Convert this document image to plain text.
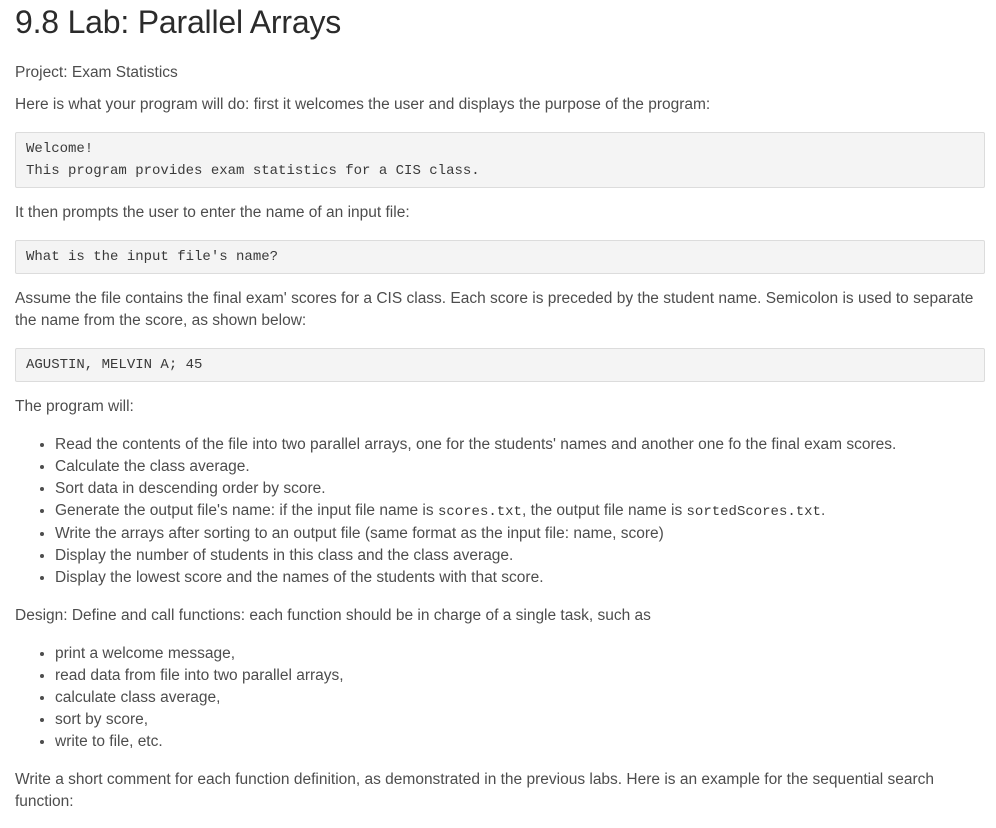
9.8 Lab: Parallel Arrays

Project: Exam Statistics

Here is what your program will do: first it welcomes the user and displays the purpose of the program:

Welcome!
This program provides exam statistics for a CIS class.

It then prompts the user to enter the name of an input file:

What is the input file's name?

Assume the file contains the final exam' scores for a CIS class. Each score is preceded by the student name. Semicolon is used to separate the name from the score, as shown below:

AGUSTIN, MELVIN A; 45

The program will:

• Read the contents of the file into two parallel arrays, one for the students' names and another one fo the final exam scores.
• Calculate the class average.
• Sort data in descending order by score.
• Generate the output file's name: if the input file name is scores.txt, the output file name is sortedScores.txt.
• Write the arrays after sorting to an output file (same format as the input file: name, score)
• Display the number of students in this class and the class average.
• Display the lowest score and the names of the students with that score.

Design: Define and call functions: each function should be in charge of a single task, such as

• print a welcome message,
• read data from file into two parallel arrays,
• calculate class average,
• sort by score,
• write to file, etc.

Write a short comment for each function definition, as demonstrated in the previous labs. Here is an example for the sequential search function:
